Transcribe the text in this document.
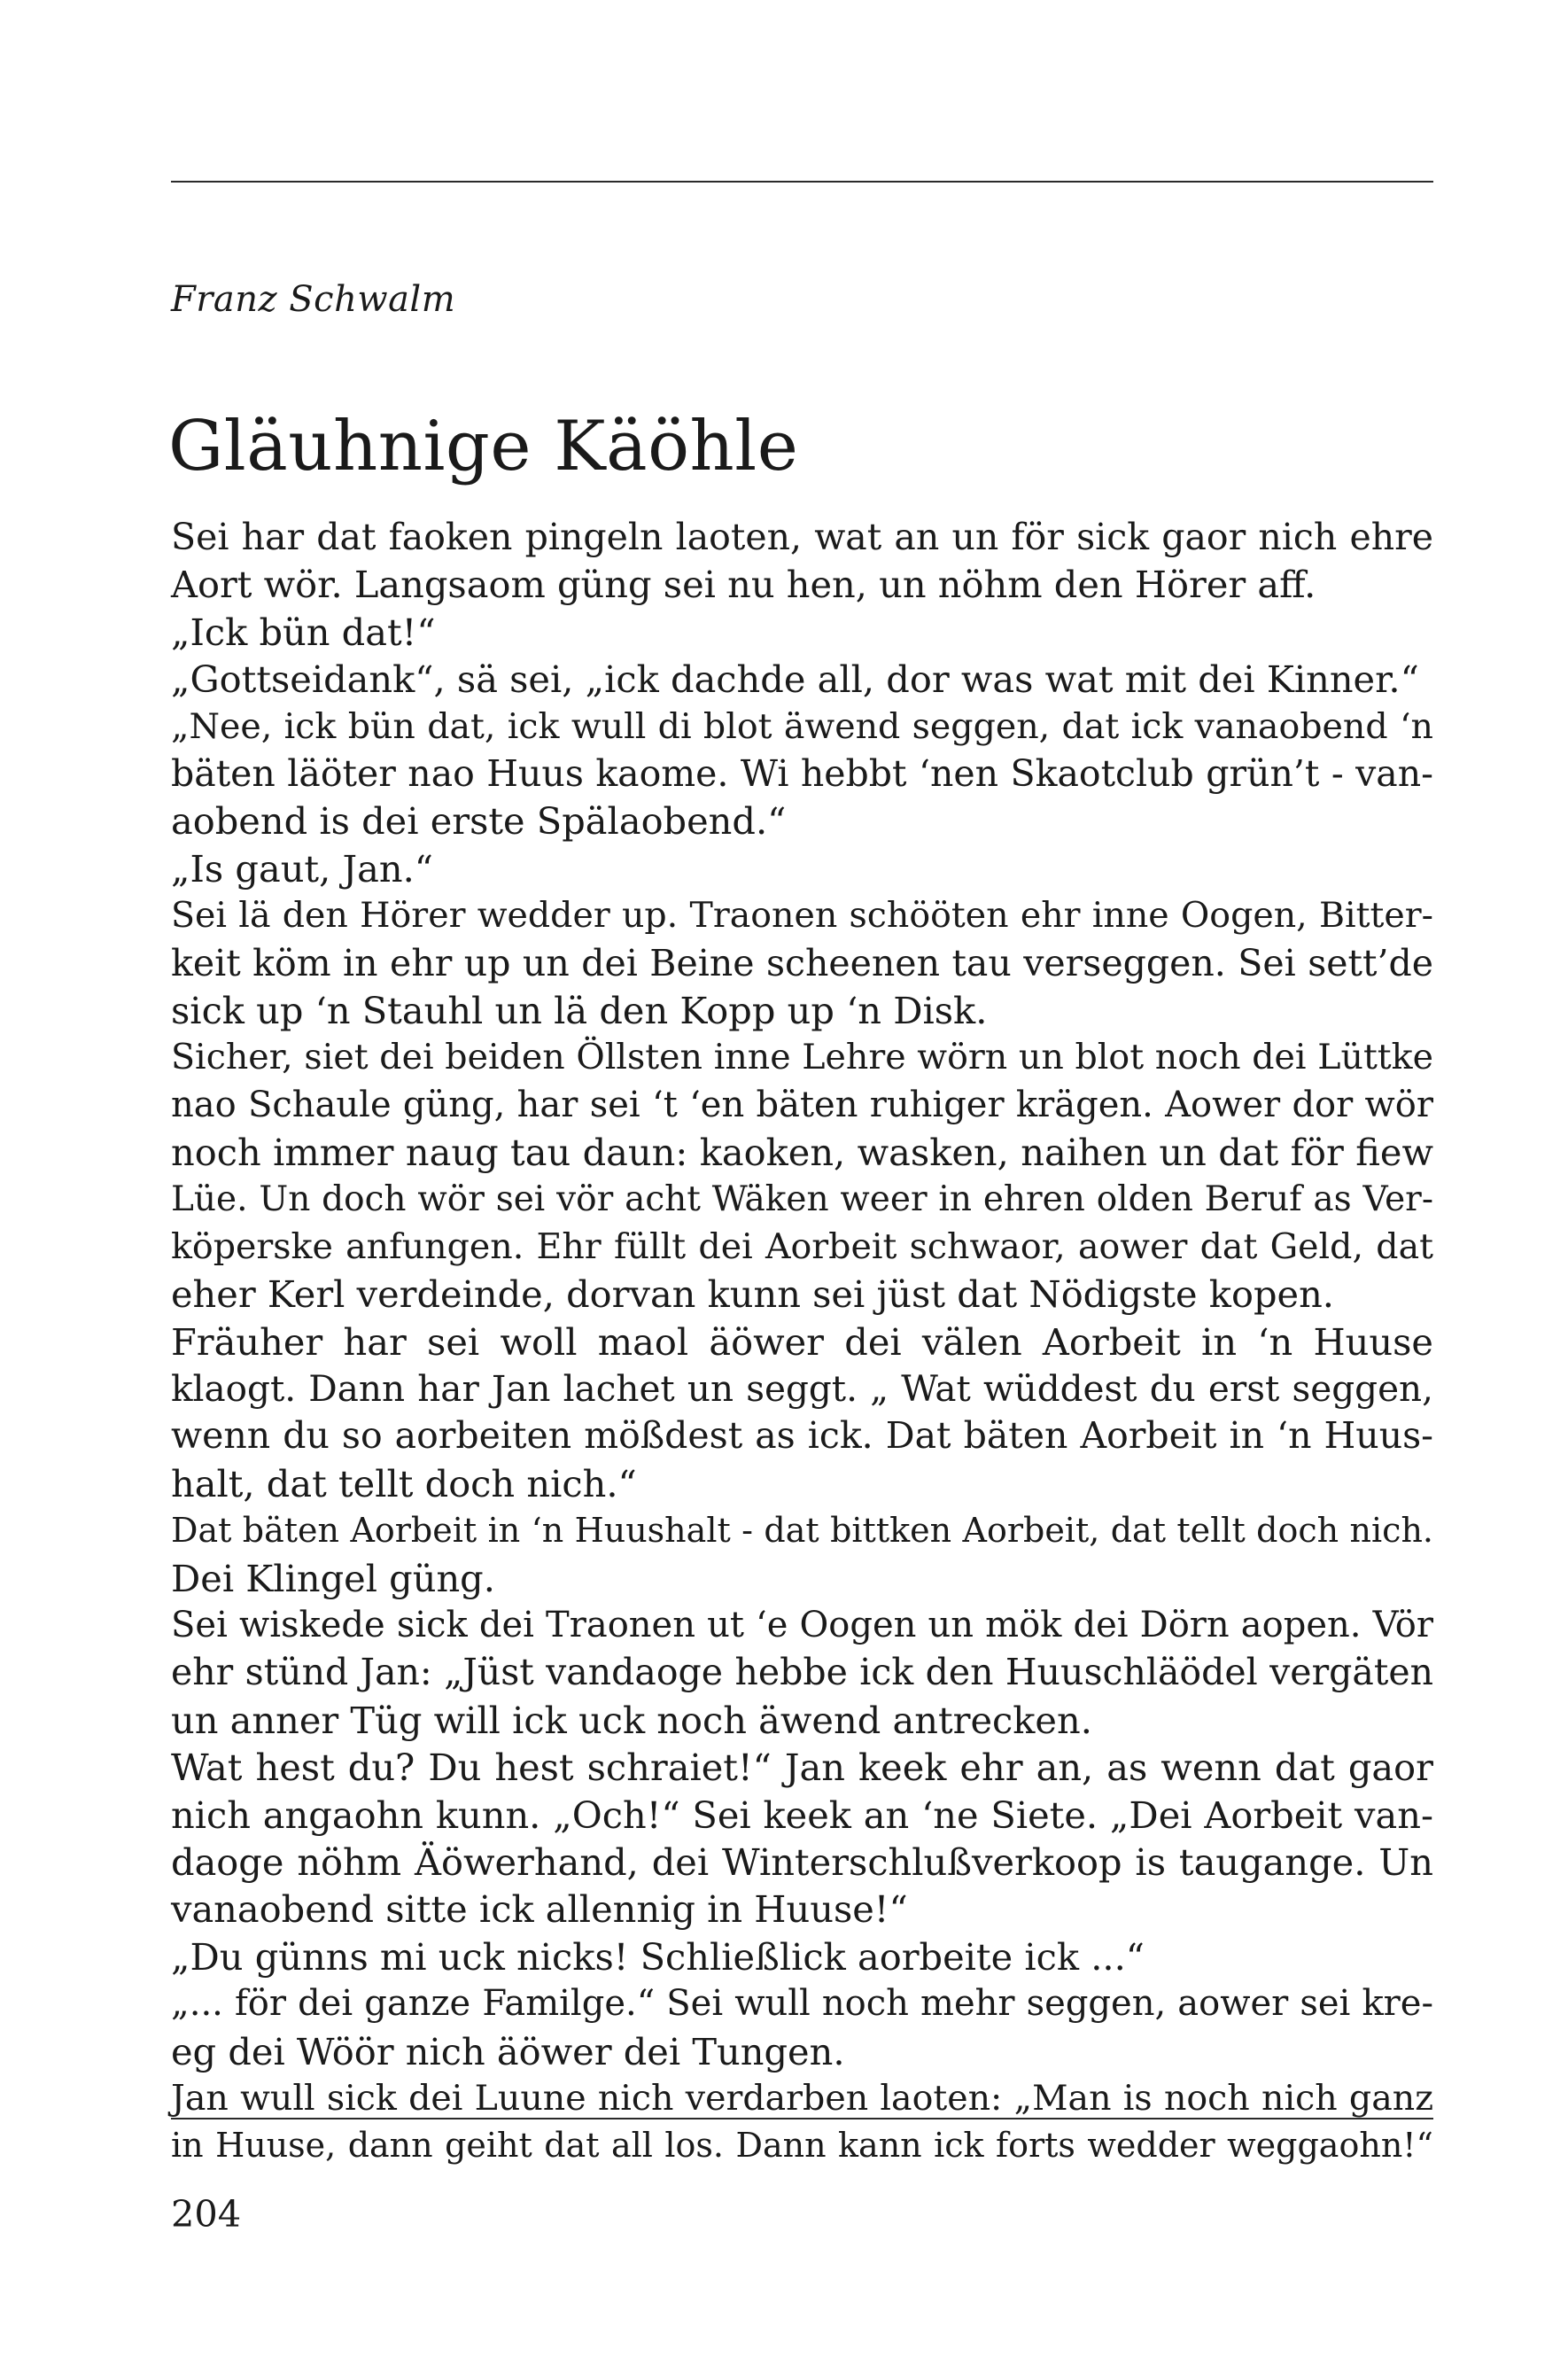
Franz Schwalm
Gläuhnige Käöhle
Sei har dat faoken pingeln laoten, wat an un för sick gaor nich ehre
Aort wör. Langsaom güng sei nu hen, un nöhm den Hörer aff.
„Ick bün dat!“
„Gottseidank“, sä sei, „ick dachde all, dor was wat mit dei Kinner.“
„Nee, ick bün dat, ick wull di blot äwend seggen, dat ick vanaobend ‘n
bäten läöter nao Huus kaome. Wi hebbt ‘nen Skaotclub grün’t - van-
aobend is dei erste Spälaobend.“
„Is gaut, Jan.“
Sei lä den Hörer wedder up. Traonen schööten ehr inne Oogen, Bitter-
keit köm in ehr up un dei Beine scheenen tau verseggen. Sei sett’de
sick up ‘n Stauhl un lä den Kopp up ‘n Disk.
Sicher, siet dei beiden Öllsten inne Lehre wörn un blot noch dei Lüttke
nao Schaule güng, har sei ‘t ‘en bäten ruhiger krägen. Aower dor wör
noch immer naug tau daun: kaoken, wasken, naihen un dat för fiew
Lüe. Un doch wör sei vör acht Wäken weer in ehren olden Beruf as Ver-
köperske anfungen. Ehr füllt dei Aorbeit schwaor, aower dat Geld, dat
eher Kerl verdeinde, dorvan kunn sei jüst dat Nödigste kopen.
Fräuher har sei woll maol äöwer dei välen Aorbeit in ‘n Huuse
klaogt. Dann har Jan lachet un seggt. „ Wat wüddest du erst seggen,
wenn du so aorbeiten mößdest as ick. Dat bäten Aorbeit in ‘n Huus-
halt, dat tellt doch nich.“
Dat bäten Aorbeit in ‘n Huushalt - dat bittken Aorbeit, dat tellt doch nich.
Dei Klingel güng.
Sei wiskede sick dei Traonen ut ‘e Oogen un mök dei Dörn aopen. Vör
ehr stünd Jan: „Jüst vandaoge hebbe ick den Huuschläödel vergäten
un anner Tüg will ick uck noch äwend antrecken.
Wat hest du? Du hest schraiet!“ Jan keek ehr an, as wenn dat gaor
nich angaohn kunn. „Och!“ Sei keek an ‘ne Siete. „Dei Aorbeit van-
daoge nöhm Äöwerhand, dei Winterschlußverkoop is taugange. Un
vanaobend sitte ick allennig in Huuse!“
„Du günns mi uck nicks! Schließlick aorbeite ick ...“
„... för dei ganze Familge.“ Sei wull noch mehr seggen, aower sei kre-
eg dei Wöör nich äöwer dei Tungen.
Jan wull sick dei Luune nich verdarben laoten: „Man is noch nich ganz
in Huuse, dann geiht dat all los. Dann kann ick forts wedder weggaohn!“
204
